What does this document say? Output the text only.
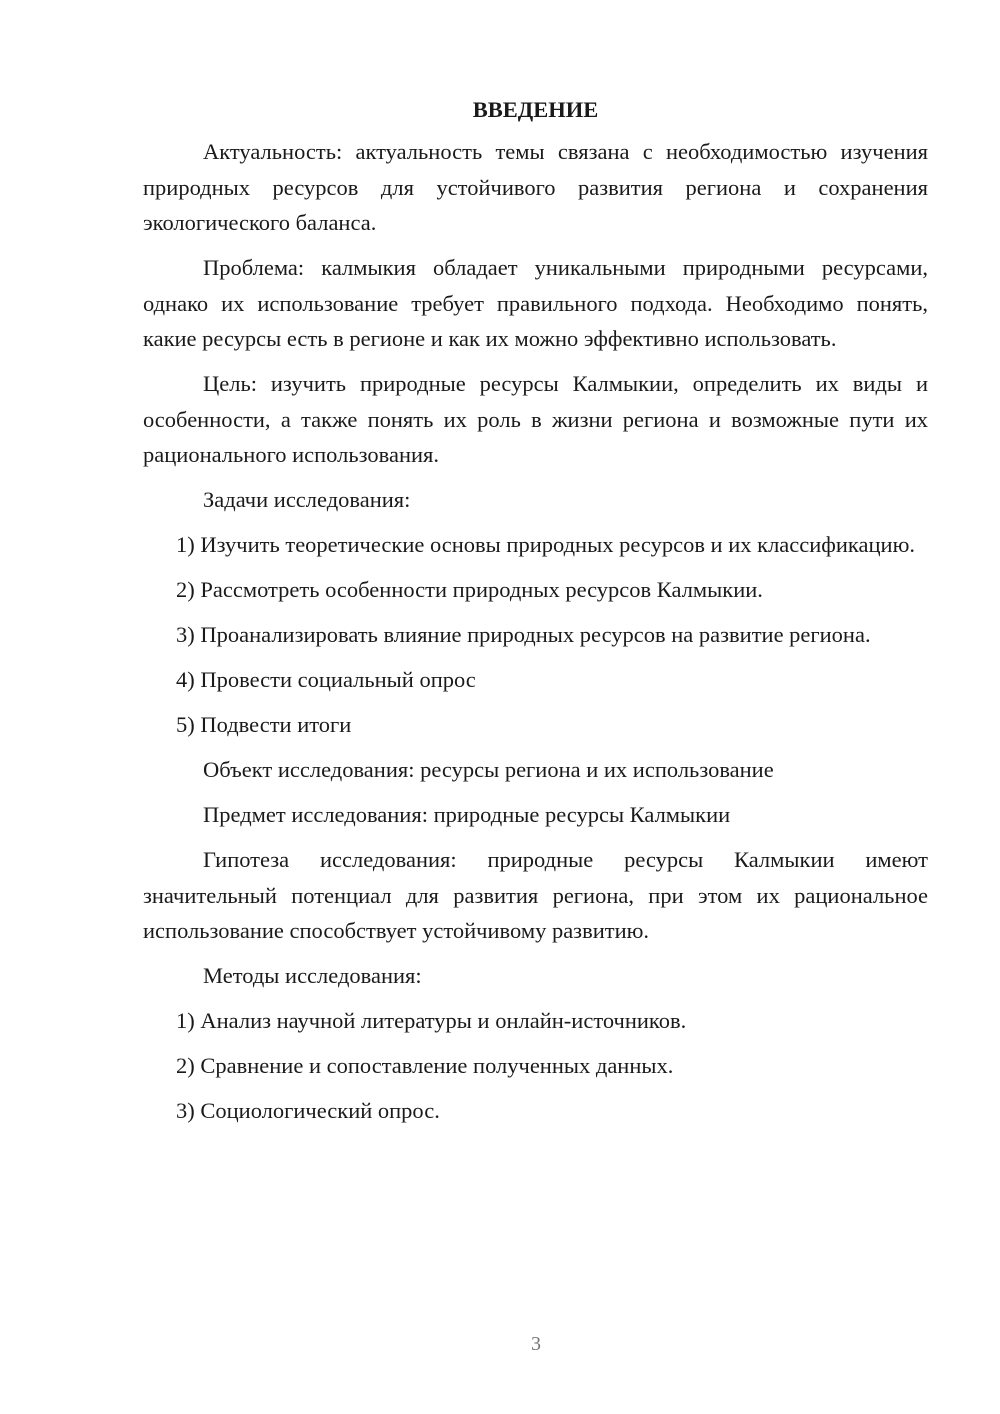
ВВЕДЕНИЕ

Актуальность: актуальность темы связана с необходимостью изучения природных ресурсов для устойчивого развития региона и сохранения экологического баланса.

Проблема: калмыкия обладает уникальными природными ресурсами, однако их использование требует правильного подхода. Необходимо понять, какие ресурсы есть в регионе и как их можно эффективно использовать.

Цель: изучить природные ресурсы Калмыкии, определить их виды и особенности, а также понять их роль в жизни региона и возможные пути их рационального использования.

Задачи исследования:

1) Изучить теоретические основы природных ресурсов и их классификацию.

2) Рассмотреть особенности природных ресурсов Калмыкии.

3) Проанализировать влияние природных ресурсов на развитие региона.

4) Провести социальный опрос

5) Подвести итоги

Объект исследования: ресурсы региона и их использование

Предмет исследования: природные ресурсы Калмыкии

Гипотеза исследования: природные ресурсы Калмыкии имеют значительный потенциал для развития региона, при этом их рациональное использование способствует устойчивому развитию.

Методы исследования:

1) Анализ научной литературы и онлайн-источников.

2) Сравнение и сопоставление полученных данных.

3) Социологический опрос.

3
